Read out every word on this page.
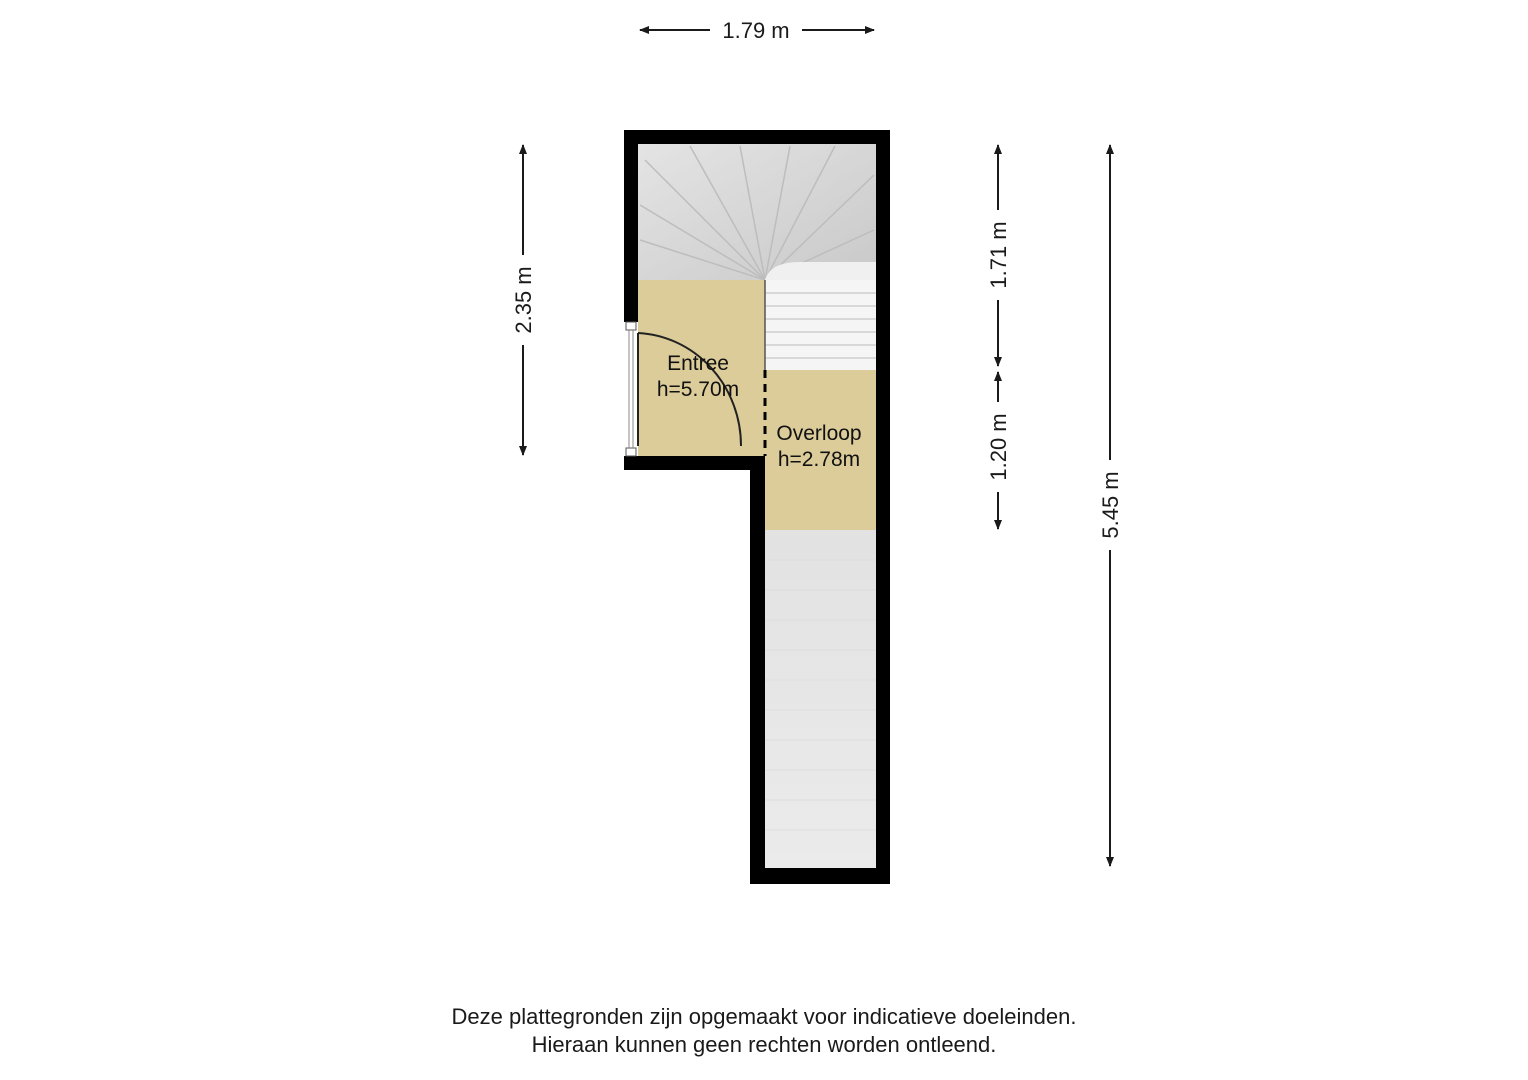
Entree
h=5.70m
Overloop
h=2.78m
1.79 m
2.35 m
1.71 m
1.20 m
5.45 m
Deze plattegronden zijn opgemaakt voor indicatieve doeleinden.
Hieraan kunnen geen rechten worden ontleend.
